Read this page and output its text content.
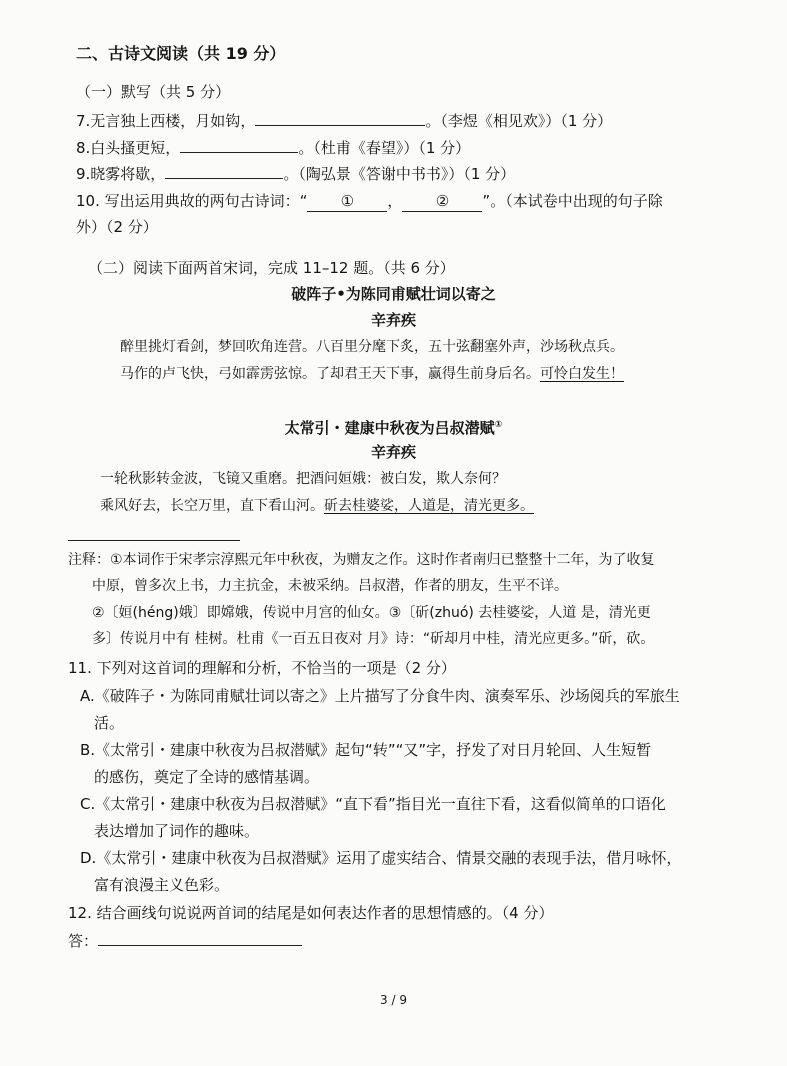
二、古诗文阅读（共 19 分）
（一）默写（共 5 分）
7.无言独上西楼，月如钩，	。（李煜《相见欢》）（1 分）
8.白头搔更短，	。（杜甫《春望》）（1 分）
9.晓雾将歇，	。（陶弘景《答谢中书书》）（1 分）
10. 写出运用典故的两句古诗词：“ ① ， ② ”。（本试卷中出现的句子除
外）（2 分）
（二）阅读下面两首宋词，完成 11–12 题。（共 6 分）
破阵子•为陈同甫赋壮词以寄之
辛弃疾
醉里挑灯看剑，梦回吹角连营。八百里分麾下炙，五十弦翻塞外声，沙场秋点兵。
马作的卢飞快，弓如霹雳弦惊。了却君王天下事，赢得生前身后名。可怜白发生！
太常引・建康中秋夜为吕叔潜赋①
辛弃疾
一轮秋影转金波，飞镜又重磨。把酒问姮娥：被白发，欺人奈何？
乘风好去，长空万里，直下看山河。斫去桂婆娑，人道是，清光更多。
注释：①本词作于宋孝宗淳熙元年中秋夜，为赠友之作。这时作者南归已整整十二年，为了收复
中原，曾多次上书，力主抗金，未被采纳。吕叔潜，作者的朋友，生平不详。
②〔姮(héng)娥〕即嫦娥，传说中月宫的仙女。③〔斫(zhuó) 去桂婆娑，人道 是，清光更
多〕传说月中有 桂树。杜甫《一百五日夜对 月》诗：“斫却月中桂，清光应更多。”斫，砍。
11. 下列对这首词的理解和分析，不恰当的一项是（2 分）
A.《破阵子・为陈同甫赋壮词以寄之》上片描写了分食牛肉、演奏军乐、沙场阅兵的军旅生
活。
B.《太常引・建康中秋夜为吕叔潜赋》起句“转”“又”字，抒发了对日月轮回、人生短暂
的感伤，奠定了全诗的感情基调。
C.《太常引・建康中秋夜为吕叔潜赋》“直下看”指目光一直往下看，这看似简单的口语化
表达增加了词作的趣味。
D.《太常引・建康中秋夜为吕叔潜赋》运用了虚实结合、情景交融的表现手法，借月咏怀，
富有浪漫主义色彩。
12. 结合画线句说说两首词的结尾是如何表达作者的思想情感的。（4 分）
答：
3 / 9
